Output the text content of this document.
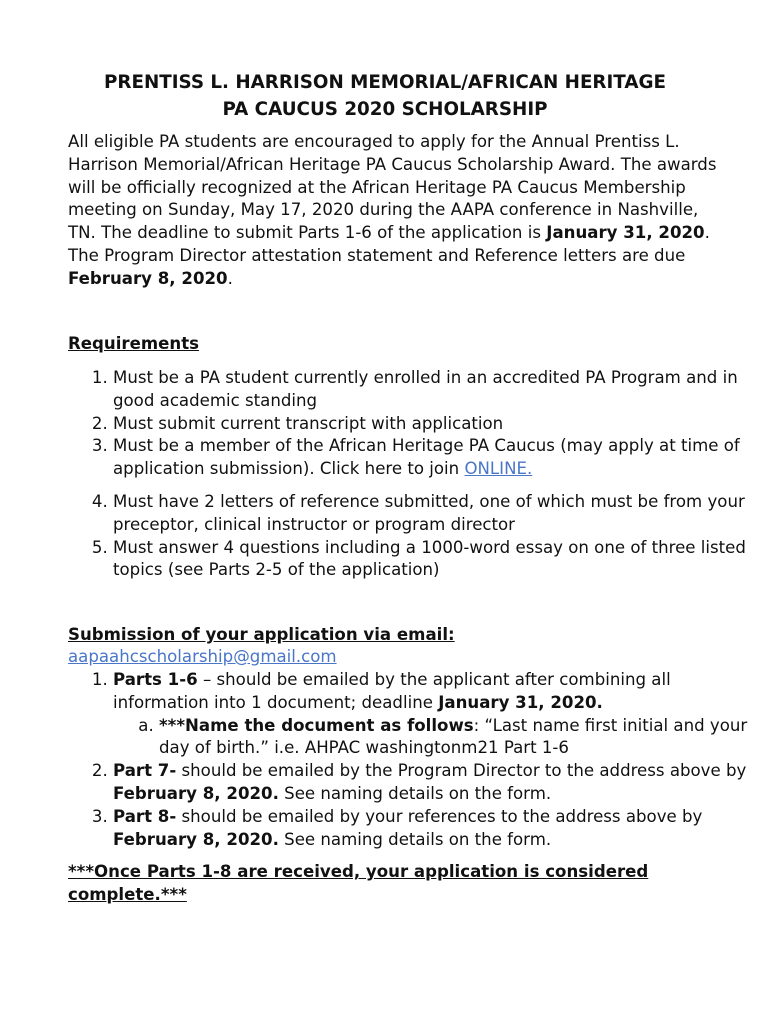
PRENTISS L. HARRISON MEMORIAL/AFRICAN HERITAGE
PA CAUCUS 2020 SCHOLARSHIP

All eligible PA students are encouraged to apply for the Annual Prentiss L. Harrison Memorial/African Heritage PA Caucus Scholarship Award. The awards will be officially recognized at the African Heritage PA Caucus Membership meeting on Sunday, May 17, 2020 during the AAPA conference in Nashville, TN. The deadline to submit Parts 1-6 of the application is January 31, 2020. The Program Director attestation statement and Reference letters are due February 8, 2020.

Requirements

1. Must be a PA student currently enrolled in an accredited PA Program and in good academic standing
2. Must submit current transcript with application
3. Must be a member of the African Heritage PA Caucus (may apply at time of application submission). Click here to join ONLINE.
4. Must have 2 letters of reference submitted, one of which must be from your preceptor, clinical instructor or program director
5. Must answer 4 questions including a 1000-word essay on one of three listed topics (see Parts 2-5 of the application)

Submission of your application via email:

aapaahcscholarship@gmail.com

1. Parts 1-6 – should be emailed by the applicant after combining all information into 1 document; deadline January 31, 2020.
a. ***Name the document as follows: “Last name first initial and your day of birth.” i.e. AHPAC washingtonm21 Part 1-6
2. Part 7- should be emailed by the Program Director to the address above by February 8, 2020. See naming details on the form.
3. Part 8- should be emailed by your references to the address above by February 8, 2020. See naming details on the form.

***Once Parts 1-8 are received, your application is considered complete.***
